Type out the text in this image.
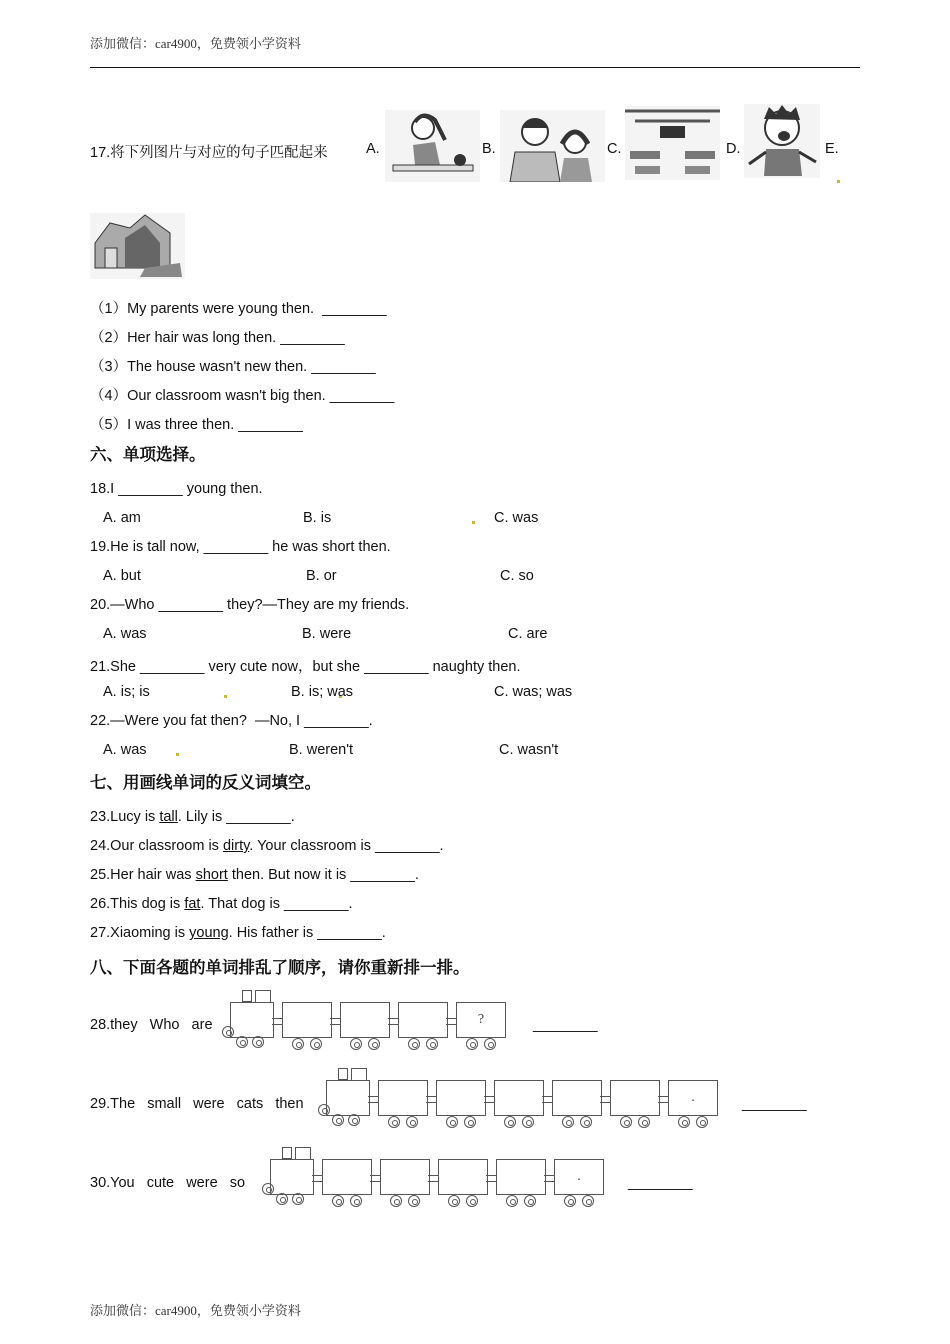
添加微信：car4900，免费领小学资料
17.将下列图片与对应的句子匹配起来	A.	B.	C.	D.	E.
六、单项选择。
七、用画线单词的反义词填空。
八、下面各题的单词排乱了顺序，请你重新排一排。
添加微信：car4900，免费领小学资料
（1）My parents were young then.  ________
（2）Her hair was long then. ________
（3）The house wasn't new then. ________
（4）Our classroom wasn't big then. ________
（5）I was three then. ________
18.I ________ young then.
A. am	B. is	C. was
19.He is tall now, ________ he was short then.
A. but	B. or	C. so
20.—Who ________ they?—They are my friends.
A. was	B. were	C. are
21.She ________ very cute now，but she ________ naughty then.
A. is; is	B. is; was	C. was; was
22.—Were you fat then?  —No, I ________.
A. was	B. weren't	C. wasn't
23.Lucy is tall. Lily is ________.
24.Our classroom is dirty. Your classroom is ________.
25.Her hair was short then. But now it is ________.
26.This dog is fat. That dog is ________.
27.Xiaoming is young. His father is ________.
28.they   Who   are	?	________
29.The   small   were   cats   then	.	________
30.You   cute   were   so	.	________
